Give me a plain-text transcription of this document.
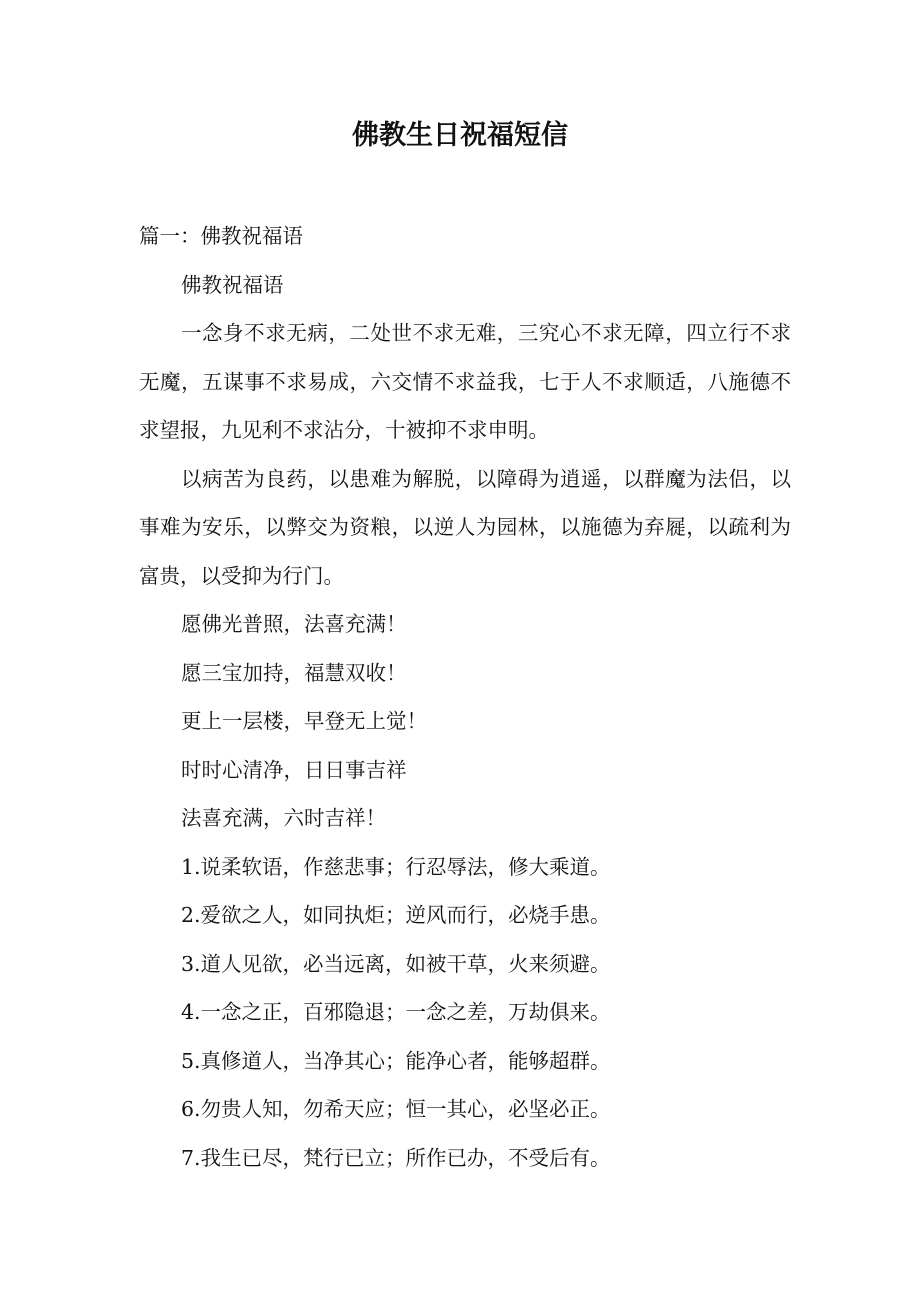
佛教生日祝福短信

篇一：佛教祝福语

佛教祝福语

一念身不求无病，二处世不求无难，三究心不求无障，四立行不求无魔，五谋事不求易成，六交情不求益我，七于人不求顺适，八施德不求望报，九见利不求沾分，十被抑不求申明。

以病苦为良药，以患难为解脱，以障碍为逍遥，以群魔为法侣，以事难为安乐，以弊交为资粮，以逆人为园林，以施德为弃屣，以疏利为富贵，以受抑为行门。

愿佛光普照，法喜充满！

愿三宝加持，福慧双收！

更上一层楼，早登无上觉！

时时心清净，日日事吉祥

法喜充满，六时吉祥！

1.说柔软语，作慈悲事；行忍辱法，修大乘道。

2.爱欲之人，如同执炬；逆风而行，必烧手患。

3.道人见欲，必当远离，如被干草，火来须避。

4.一念之正，百邪隐退；一念之差，万劫俱来。

5.真修道人，当净其心；能净心者，能够超群。

6.勿贵人知，勿希天应；恒一其心，必坚必正。

7.我生已尽，梵行已立；所作已办，不受后有。
